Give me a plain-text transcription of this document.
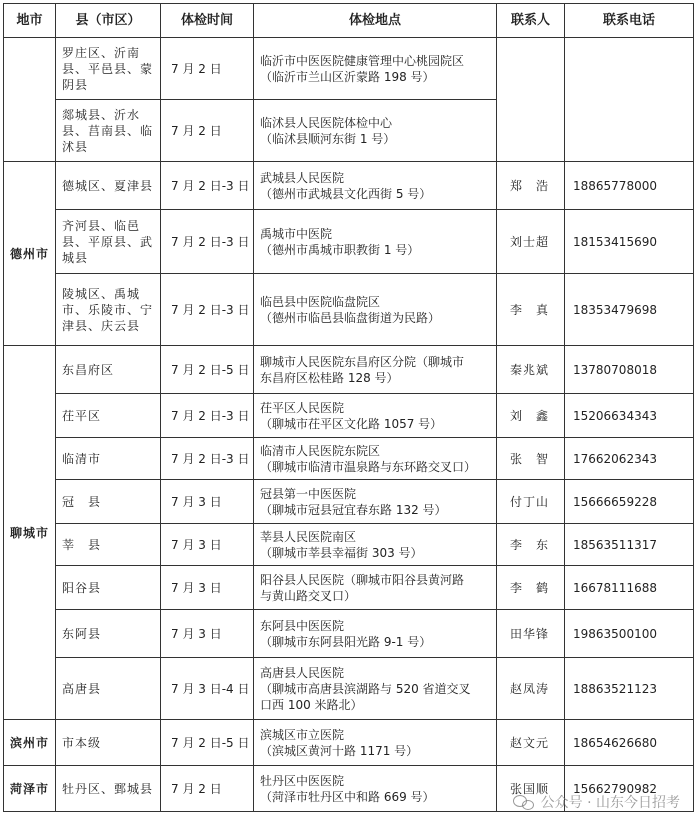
地市	县（市区）	体检时间	体检地点	联系人	联系电话
	罗庄区、沂南县、平邑县、蒙阴县	7 月 2 日	临沂市中医医院健康管理中心桃园院区
（临沂市兰山区沂蒙路 198 号）		

	郯城县、沂水县、莒南县、临沭县	7 月 2 日	临沭县人民医院体检中心
（临沭县顺河东街 1 号）		

德州市	德城区、夏津县	7 月 2 日-3 日	武城县人民医院
（德州市武城县文化西街 5 号）	郑　浩	18865778000
	齐河县、临邑县、平原县、武城县	7 月 2 日-3 日	禹城市中医院
（德州市禹城市职教街 1 号）	刘士超	18153415690
	陵城区、禹城市、乐陵市、宁津县、庆云县	7 月 2 日-3 日	临邑县中医院临盘院区
（德州市临邑县临盘街道为民路）	李　真	18353479698
聊城市	东昌府区	7 月 2 日-5 日	聊城市人民医院东昌府区分院（聊城市
东昌府区松桂路 128 号）	秦兆斌	13780708018
	茌平区	7 月 2 日-3 日	茌平区人民医院
（聊城市茌平区文化路 1057 号）	刘　鑫	15206634343
	临清市	7 月 2 日-3 日	临清市人民医院东院区
（聊城市临清市温泉路与东环路交叉口）	张　智	17662062343
	冠　县	7 月 3 日	冠县第一中医医院
（聊城市冠县冠宜春东路 132 号）	付丁山	15666659228
	莘　县	7 月 3 日	莘县人民医院南区
（聊城市莘县幸福街 303 号）	李　东	18563511317
	阳谷县	7 月 3 日	阳谷县人民医院（聊城市阳谷县黄河路
与黄山路交叉口）	李　鹤	16678111688
	东阿县	7 月 3 日	东阿县中医医院
（聊城市东阿县阳光路 9-1 号）	田华锋	19863500100
	高唐县	7 月 3 日-4 日	高唐县人民医院
（聊城市高唐县滨湖路与 520 省道交叉
口西 100 米路北）	赵凤涛	18863521123
滨州市	市本级	7 月 2 日-5 日	滨城区市立医院
（滨城区黄河十路 1171 号）	赵文元	18654626680
菏泽市	牡丹区、鄄城县	7 月 2 日	牡丹区中医医院
（菏泽市牡丹区中和路 669 号）	张国顺	15662790982
公众号 · 山东今日招考
